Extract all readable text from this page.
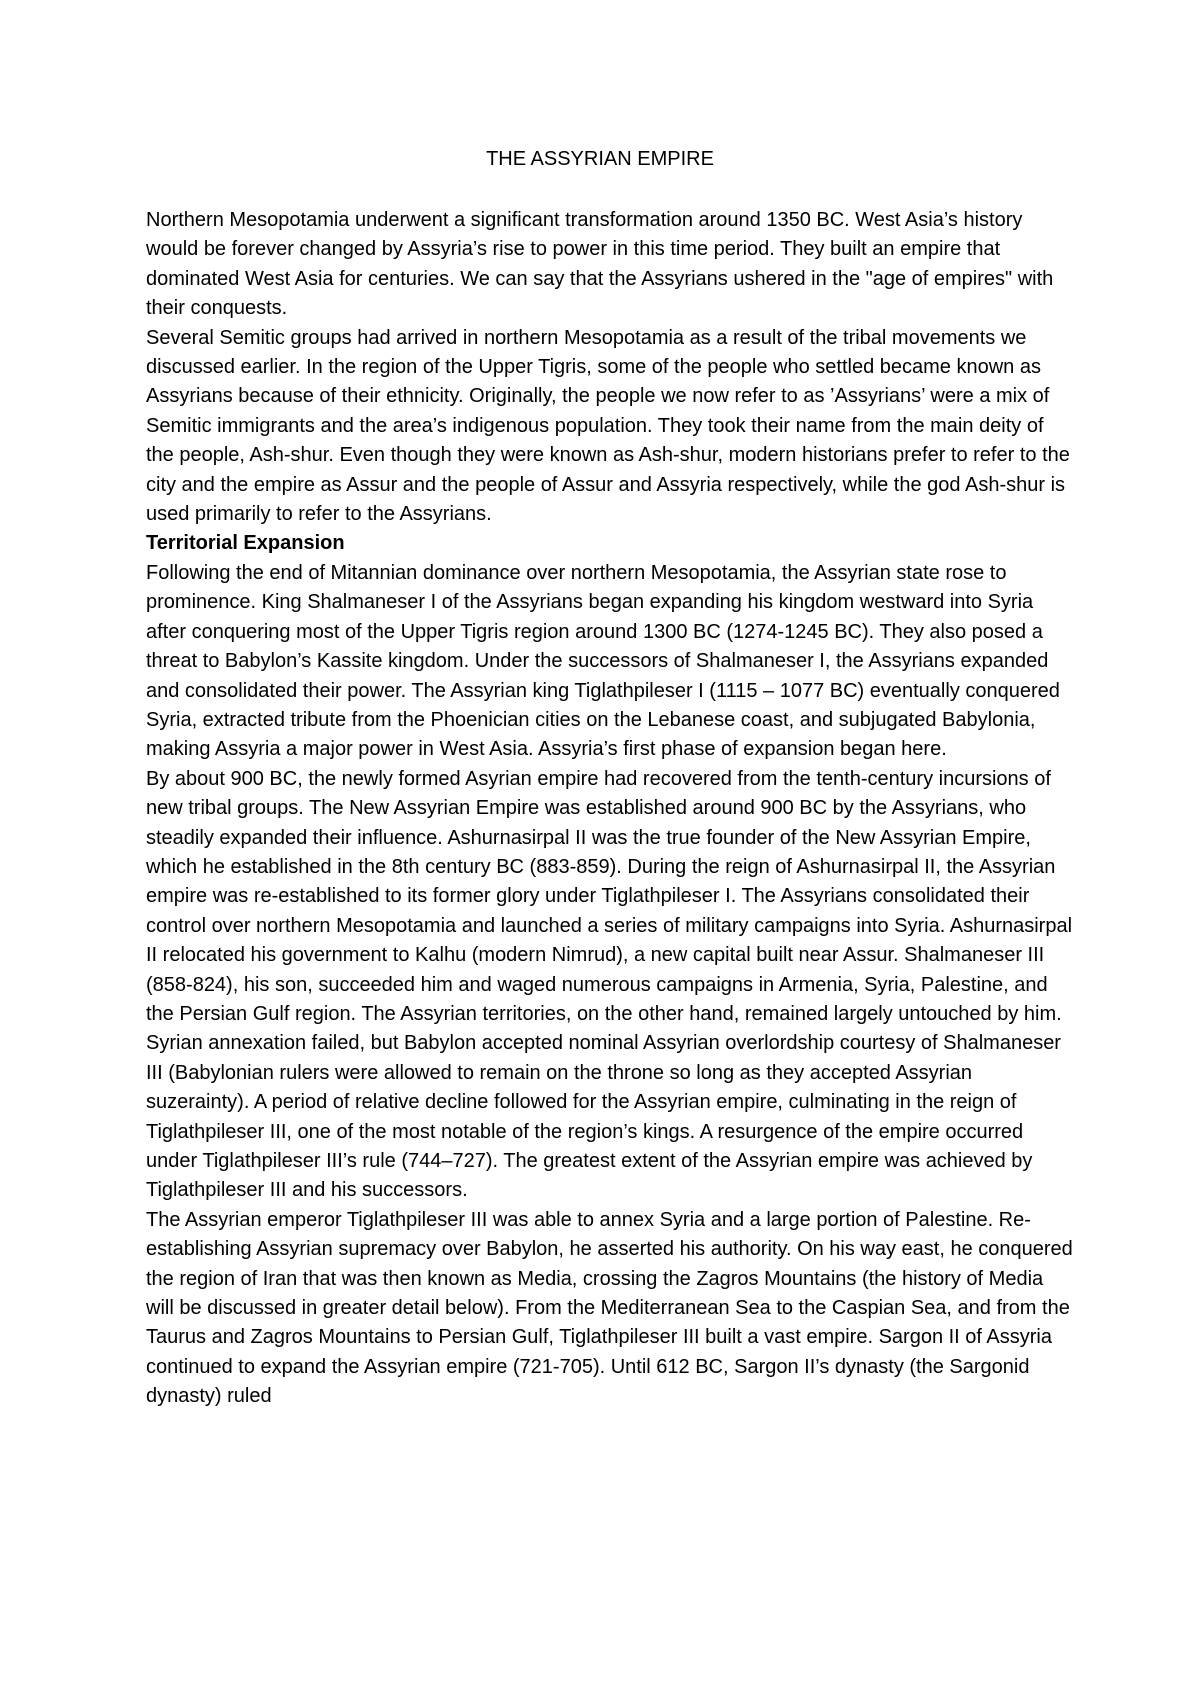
THE ASSYRIAN EMPIRE

Northern Mesopotamia underwent a significant transformation around 1350 BC. West Asia’s history would be forever changed by Assyria’s rise to power in this time period. They built an empire that dominated West Asia for centuries. We can say that the Assyrians ushered in the "age of empires" with their conquests.

Several Semitic groups had arrived in northern Mesopotamia as a result of the tribal movements we discussed earlier. In the region of the Upper Tigris, some of the people who settled became known as Assyrians because of their ethnicity. Originally, the people we now refer to as ’Assyrians’ were a mix of Semitic immigrants and the area’s indigenous population. They took their name from the main deity of the people, Ash-shur. Even though they were known as Ash-shur, modern historians prefer to refer to the city and the empire as Assur and the people of Assur and Assyria respectively, while the god Ash-shur is used primarily to refer to the Assyrians.

Territorial Expansion

Following the end of Mitannian dominance over northern Mesopotamia, the Assyrian state rose to prominence. King Shalmaneser I of the Assyrians began expanding his kingdom westward into Syria after conquering most of the Upper Tigris region around 1300 BC (1274-1245 BC). They also posed a threat to Babylon’s Kassite kingdom. Under the successors of Shalmaneser I, the Assyrians expanded and consolidated their power. The Assyrian king Tiglathpileser I (1115 – 1077 BC) eventually conquered Syria, extracted tribute from the Phoenician cities on the Lebanese coast, and subjugated Babylonia, making Assyria a major power in West Asia. Assyria’s first phase of expansion began here.

By about 900 BC, the newly formed Asyrian empire had recovered from the tenth-century incursions of new tribal groups. The New Assyrian Empire was established around 900 BC by the Assyrians, who steadily expanded their influence. Ashurnasirpal II was the true founder of the New Assyrian Empire, which he established in the 8th century BC (883-859). During the reign of Ashurnasirpal II, the Assyrian empire was re-established to its former glory under Tiglathpileser I. The Assyrians consolidated their control over northern Mesopotamia and launched a series of military campaigns into Syria. Ashurnasirpal II relocated his government to Kalhu (modern Nimrud), a new capital built near Assur. Shalmaneser III (858-824), his son, succeeded him and waged numerous campaigns in Armenia, Syria, Palestine, and the Persian Gulf region. The Assyrian territories, on the other hand, remained largely untouched by him. Syrian annexation failed, but Babylon accepted nominal Assyrian overlordship courtesy of Shalmaneser III (Babylonian rulers were allowed to remain on the throne so long as they accepted Assyrian suzerainty). A period of relative decline followed for the Assyrian empire, culminating in the reign of Tiglathpileser III, one of the most notable of the region’s kings. A resurgence of the empire occurred under Tiglathpileser III’s rule (744–727). The greatest extent of the Assyrian empire was achieved by Tiglathpileser III and his successors.

The Assyrian emperor Tiglathpileser III was able to annex Syria and a large portion of Palestine. Re-establishing Assyrian supremacy over Babylon, he asserted his authority. On his way east, he conquered the region of Iran that was then known as Media, crossing the Zagros Mountains (the history of Media will be discussed in greater detail below). From the Mediterranean Sea to the Caspian Sea, and from the Taurus and Zagros Mountains to Persian Gulf, Tiglathpileser III built a vast empire. Sargon II of Assyria continued to expand the Assyrian empire (721-705). Until 612 BC, Sargon II’s dynasty (the Sargonid dynasty) ruled
